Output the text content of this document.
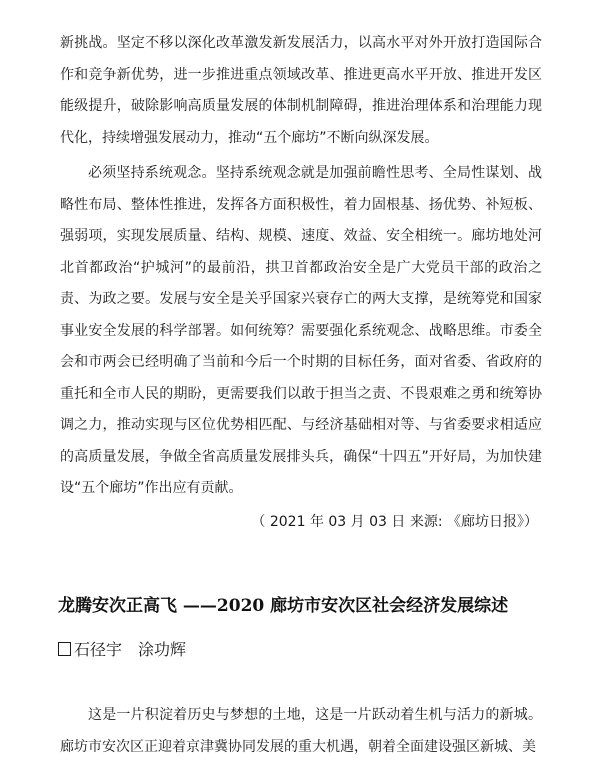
新挑战。坚定不移以深化改革激发新发展活力，以高水平对外开放打造国际合作和竞争新优势，进一步推进重点领域改革、推进更高水平开放、推进开发区能级提升，破除影响高质量发展的体制机制障碍，推进治理体系和治理能力现代化，持续增强发展动力，推动“五个廊坊”不断向纵深发展。

必须坚持系统观念。坚持系统观念就是加强前瞻性思考、全局性谋划、战略性布局、整体性推进，发挥各方面积极性，着力固根基、扬优势、补短板、强弱项，实现发展质量、结构、规模、速度、效益、安全相统一。廊坊地处河北首都政治“护城河”的最前沿，拱卫首都政治安全是广大党员干部的政治之责、为政之要。发展与安全是关乎国家兴衰存亡的两大支撑，是统筹党和国家事业安全发展的科学部署。如何统筹？需要强化系统观念、战略思维。市委全会和市两会已经明确了当前和今后一个时期的目标任务，面对省委、省政府的重托和全市人民的期盼，更需要我们以敢于担当之责、不畏艰难之勇和统筹协调之力，推动实现与区位优势相匹配、与经济基础相对等、与省委要求相适应的高质量发展，争做全省高质量发展排头兵，确保“十四五”开好局，为加快建设“五个廊坊”作出应有贡献。

（ 2021 年 03 月 03 日 来源: 《廊坊日报》）
龙腾安次正高飞 ——2020 廊坊市安次区社会经济发展综述
石径宇 涂功辉

这是一片积淀着历史与梦想的土地，这是一片跃动着生机与活力的新城。廊坊市安次区正迎着京津冀协同发展的重大机遇，朝着全面建设强区新城、美
